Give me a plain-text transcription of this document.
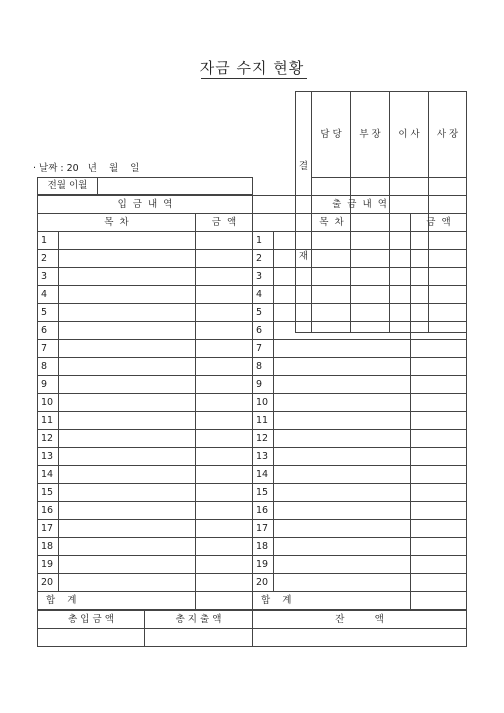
자금 수지 현황

결

재	담 당	부 장	이 사	사 장

· 날짜 : 20   년    월    일
전월 이월	
입  금  내  역			출  금  내  역		
목  차		금  액	목  차		금  액
1			1		
2			2		
3			3		
4			4		
5			5		
6			6		
7			7		
8			8		
9			9		
10			10		
11			11		
12			12		
13			13		
14			14		
15			15		
16			16		
17			17		
18			18		
19			19		
20			20		
합    계			합    계		
총 입 금 액	총 지 출 액	잔          액
